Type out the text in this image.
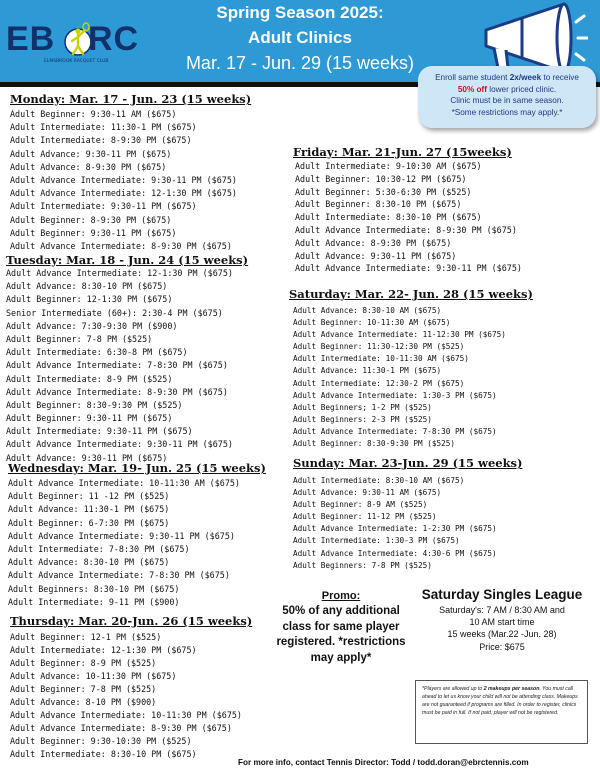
EB RC
ELMSBROOK RACQUET CLUB
Spring Season 2025:
Adult Clinics
Mar. 17 - Jun. 29 (15 weeks)
Enroll same student 2x/week to receive
50% off lower priced clinic.
Clinic must be in same season.
*Some restrictions may apply.*
Monday: Mar. 17 - Jun. 23 (15 weeks)
Adult Beginner: 9:30-11 AM ($675)
Adult Intermediate: 11:30-1 PM ($675)
Adult Intermediate: 8-9:30 PM ($675)
Adult Advance: 9:30-11 PM ($675)
Adult Advance: 8-9:30 PM ($675)
Adult Advance Intermediate: 9:30-11 PM ($675)
Adult Advance Intermediate: 12-1:30 PM ($675)
Adult Intermediate: 9:30-11 PM ($675)
Adult Beginner: 8-9:30 PM ($675)
Adult Beginner: 9:30-11 PM ($675)
Adult Advance Intermediate: 8-9:30 PM ($675)
Tuesday: Mar. 18 - Jun. 24 (15 weeks)
Adult Advance Intermediate: 12-1:30 PM ($675)
Adult Advance: 8:30-10 PM ($675)
Adult Beginner: 12-1:30 PM ($675)
Senior Intermediate (60+): 2:30-4 PM ($675)
Adult Advance: 7:30-9:30 PM ($900)
Adult Beginner: 7-8 PM ($525)
Adult Intermediate: 6:30-8 PM ($675)
Adult Advance Intermediate: 7-8:30 PM ($675)
Adult Intermediate: 8-9 PM ($525)
Adult Advance Intermediate: 8-9:30 PM ($675)
Adult Beginner: 8:30-9:30 PM ($525)
Adult Beginner: 9:30-11 PM ($675)
Adult Intermediate: 9:30-11 PM ($675)
Adult Advance Intermediate: 9:30-11 PM ($675)
Adult Advance: 9:30-11 PM ($675)
Wednesday: Mar. 19- Jun. 25 (15 weeks)
Adult Advance Intermediate: 10-11:30 AM ($675)
Adult Beginner: 11 -12 PM ($525)
Adult Advance: 11:30-1 PM ($675)
Adult Beginner: 6-7:30 PM ($675)
Adult Advance Intermediate: 9:30-11 PM ($675)
Adult Intermediate: 7-8:30 PM ($675)
Adult Advance: 8:30-10 PM ($675)
Adult Advance Intermediate: 7-8:30 PM ($675)
Adult Beginners: 8:30-10 PM ($675)
Adult Intermediate: 9-11 PM ($900)
Thursday: Mar. 20-Jun. 26 (15 weeks)
Adult Beginner: 12-1 PM ($525)
Adult Intermediate: 12-1:30 PM ($675)
Adult Beginner: 8-9 PM ($525)
Adult Advance: 10-11:30 PM ($675)
Adult Beginner: 7-8 PM ($525)
Adult Advance: 8-10 PM ($900)
Adult Advance Intermediate: 10-11:30 PM ($675)
Adult Advance Intermediate: 8-9:30 PM ($675)
Adult Beginner: 9:30-10:30 PM ($525)
Adult Intermediate: 8:30-10 PM ($675)
Friday: Mar. 21-Jun. 27 (15weeks)
Adult Intermediate: 9-10:30 AM ($675)
Adult Beginner: 10:30-12 PM ($675)
Adult Beginner: 5:30-6:30 PM ($525)
Adult Beginner: 8:30-10 PM ($675)
Adult Intermediate: 8:30-10 PM ($675)
Adult Advance Intermediate: 8-9:30 PM ($675)
Adult Advance: 8-9:30 PM ($675)
Adult Advance: 9:30-11 PM ($675)
Adult Advance Intermediate: 9:30-11 PM ($675)
Saturday: Mar. 22- Jun. 28 (15 weeks)
Adult Advance: 8:30-10 AM ($675)
Adult Beginner: 10-11:30 AM ($675)
Adult Advance Intermediate: 11-12:30 PM ($675)
Adult Beginner: 11:30-12:30 PM ($525)
Adult Intermediate: 10-11:30 AM ($675)
Adult Advance: 11:30-1 PM ($675)
Adult Intermediate: 12:30-2 PM ($675)
Adult Advance Intermediate: 1:30-3 PM ($675)
Adult Beginners; 1-2 PM ($525)
Adult Beginners: 2-3 PM ($525)
Adult Advance Intermediate: 7-8:30 PM ($675)
Adult Beginner: 8:30-9:30 PM ($525)
Sunday: Mar. 23-Jun. 29 (15 weeks)
Adult Intermediate: 8:30-10 AM ($675)
Adult Advance: 9:30-11 AM ($675)
Adult Beginner: 8-9 AM ($525)
Adult Beginner: 11-12 PM ($525)
Adult Advance Intermediate: 1-2:30 PM ($675)
Adult Intermediate: 1:30-3 PM ($675)
Adult Advance Intermediate: 4:30-6 PM ($675)
Adult Beginners: 7-8 PM ($525)
Promo:
50% of any additional class for same player registered. *restrictions may apply*
Saturday Singles League
Saturday's: 7 AM / 8:30 AM and
10 AM start time
15 weeks (Mar.22 -Jun. 28)
Price: $675
*Players are allowed up to 2 makeups per season. You must call ahead to let us know your child will not be attending class. Makeups are not guaranteed if programs are filled. In order to register, clinics must be paid in full. If not paid, player will not be registered.
For more info, contact Tennis Director: Todd / todd.doran@ebrctennis.com
